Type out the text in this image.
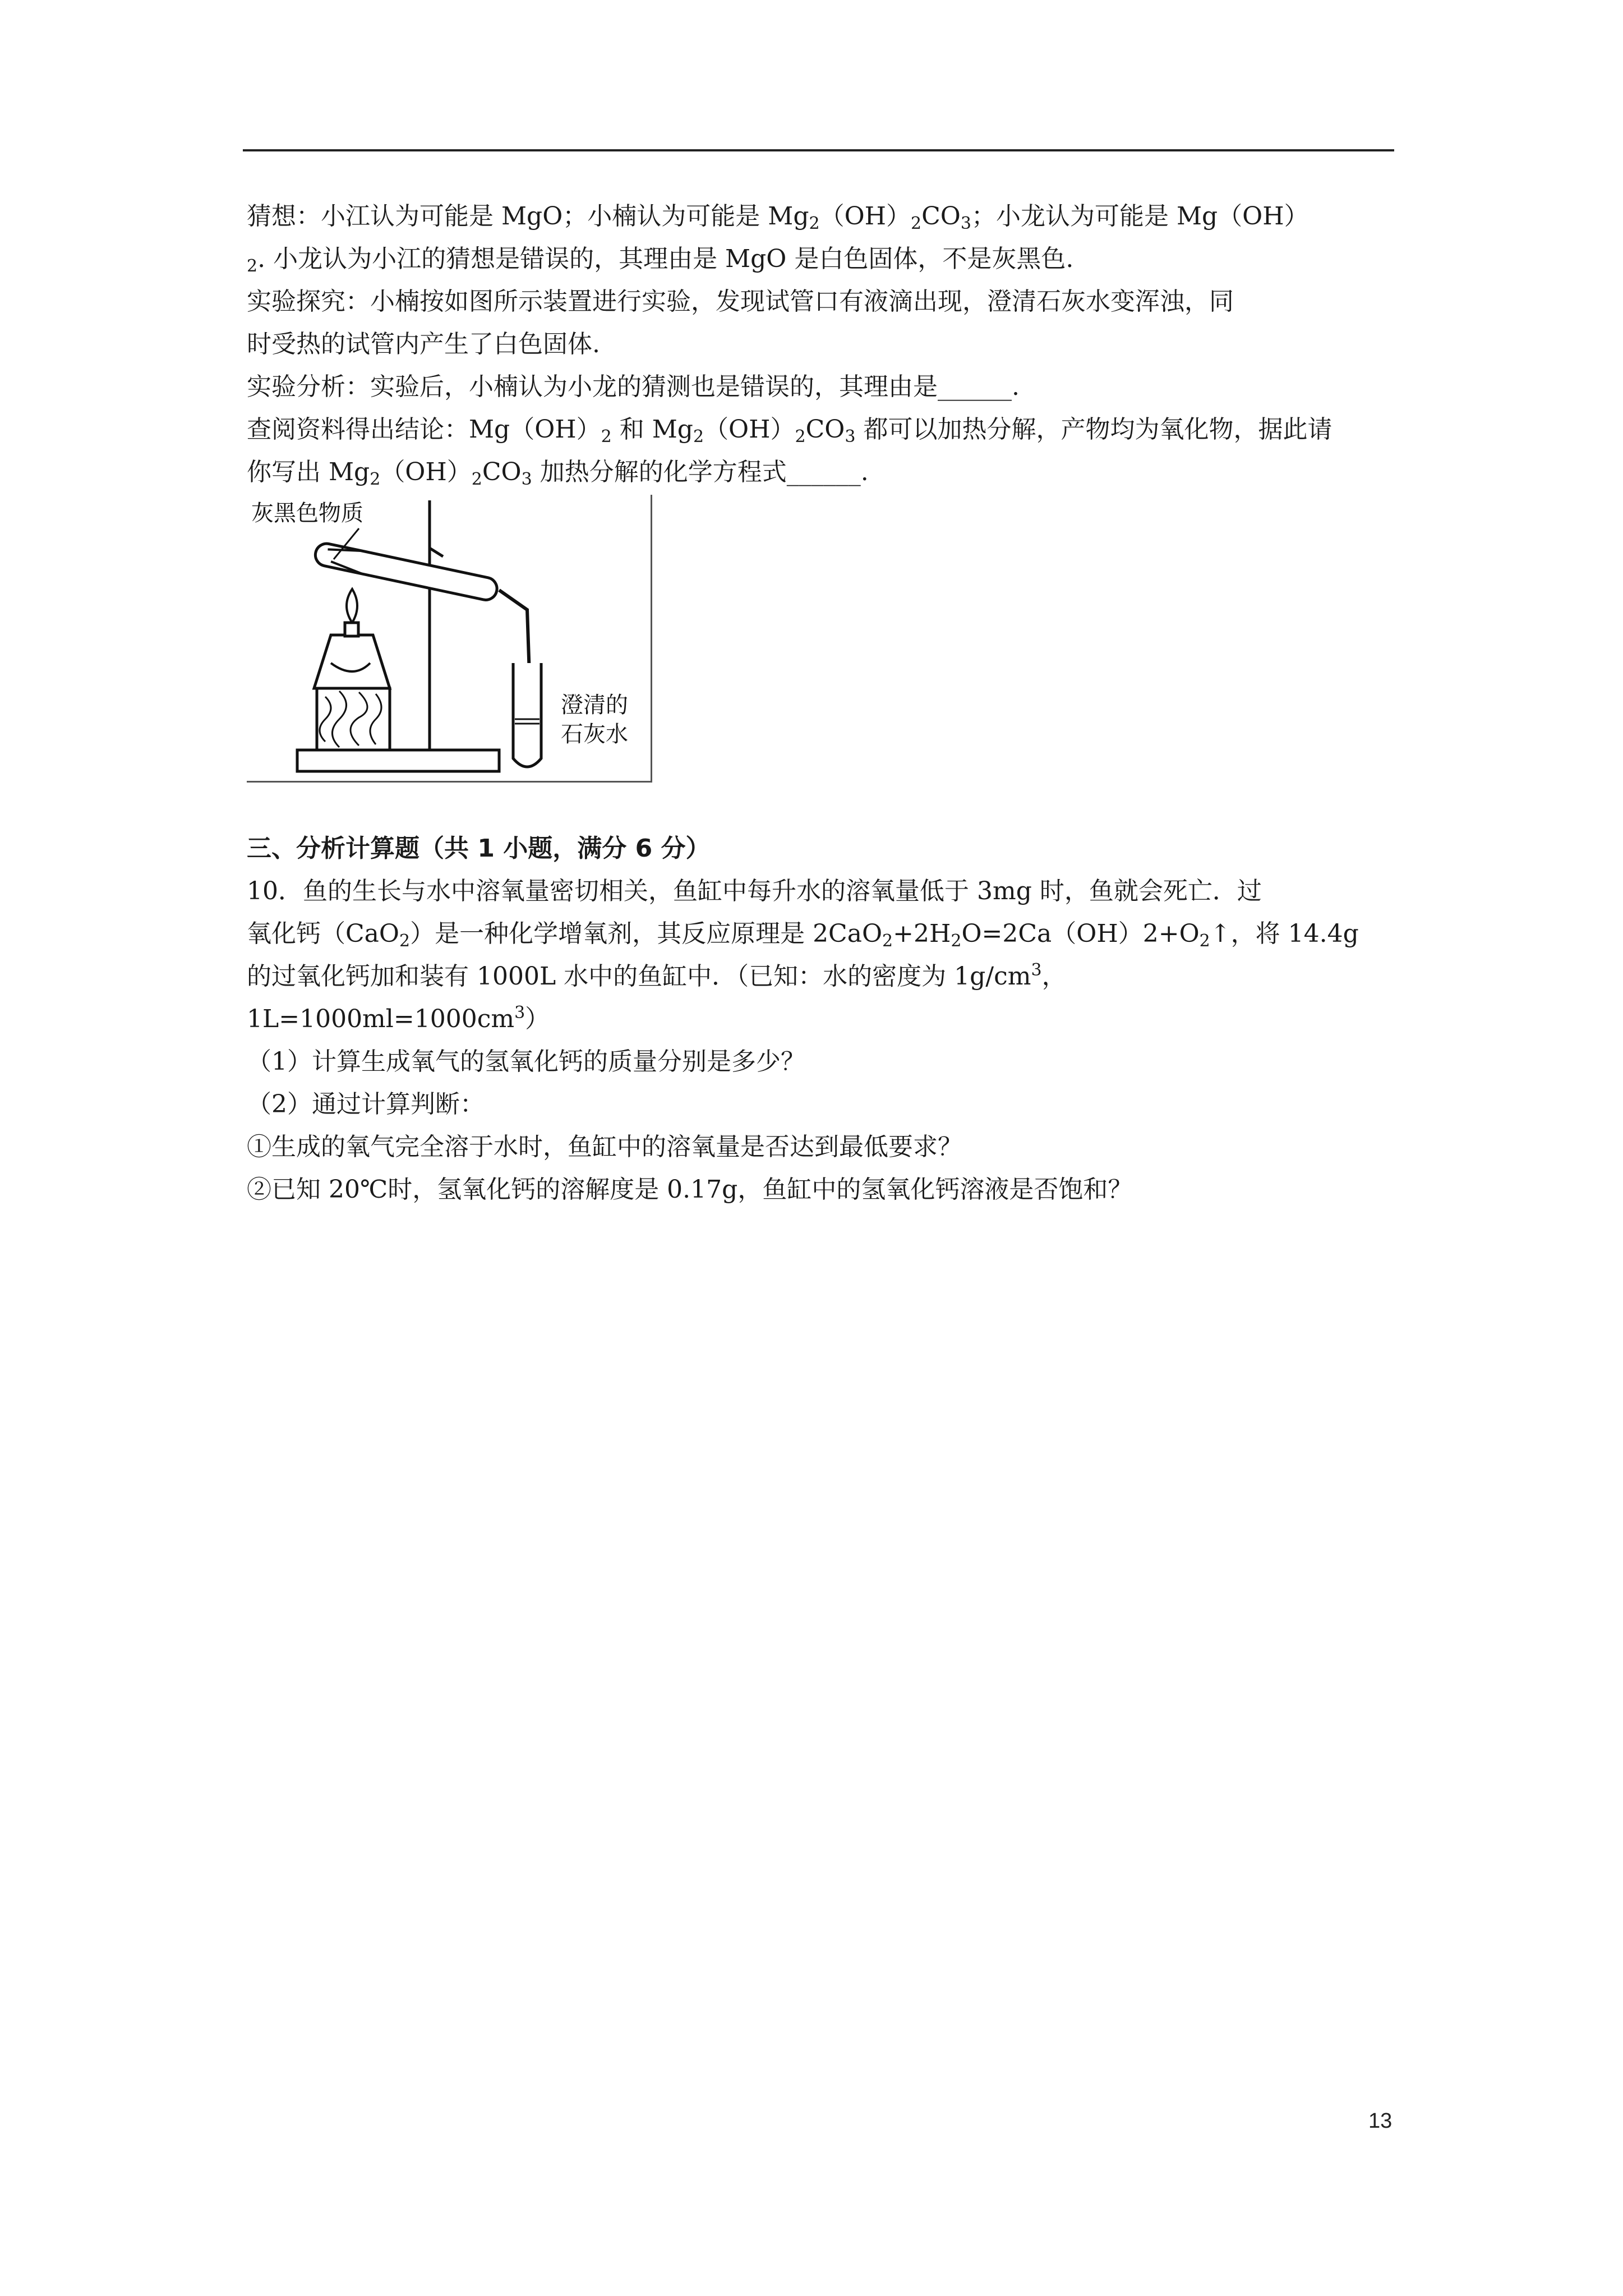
猜想：小江认为可能是 MgO；小楠认为可能是 $Mg_2(OH)_2CO_3$；小龙认为可能是 Mg（OH）
$_2$. 小龙认为小江的猜想是错误的，其理由是 MgO 是白色固体，不是灰黑色.
实验探究：小楠按如图所示装置进行实验，发现试管口有液滴出现，澄清石灰水变浑浊，同
时受热的试管内产生了白色固体.
实验分析：实验后，小楠认为小龙的猜测也是错误的，其理由是______.
查阅资料得出结论：$Mg(OH)_2$ 和 $Mg_2(OH)_2CO_3$ 都可以加热分解，产物均为氧化物，据此请
你写出 $Mg_2(OH)_2CO_3$ 加热分解的化学方程式______.
灰黑色物质
澄清的
石灰水
三、分析计算题（共 1 小题，满分 6 分）
10．鱼的生长与水中溶氧量密切相关，鱼缸中每升水的溶氧量低于 3mg 时，鱼就会死亡．过
氧化钙（CaO$_2$）是一种化学增氧剂，其反应原理是 $2CaO_2+2H_2O=2Ca(OH)2+O_2↑$，将 14.4g
的过氧化钙加和装有 1000L 水中的鱼缸中．（已知：水的密度为 $1g/cm^3$，
$1L=1000ml=1000cm^3$）
（1）计算生成氧气的氢氧化钙的质量分别是多少？
（2）通过计算判断：
①生成的氧气完全溶于水时，鱼缸中的溶氧量是否达到最低要求？
②已知 20℃时，氢氧化钙的溶解度是 0.17g，鱼缸中的氢氧化钙溶液是否饱和？
13
